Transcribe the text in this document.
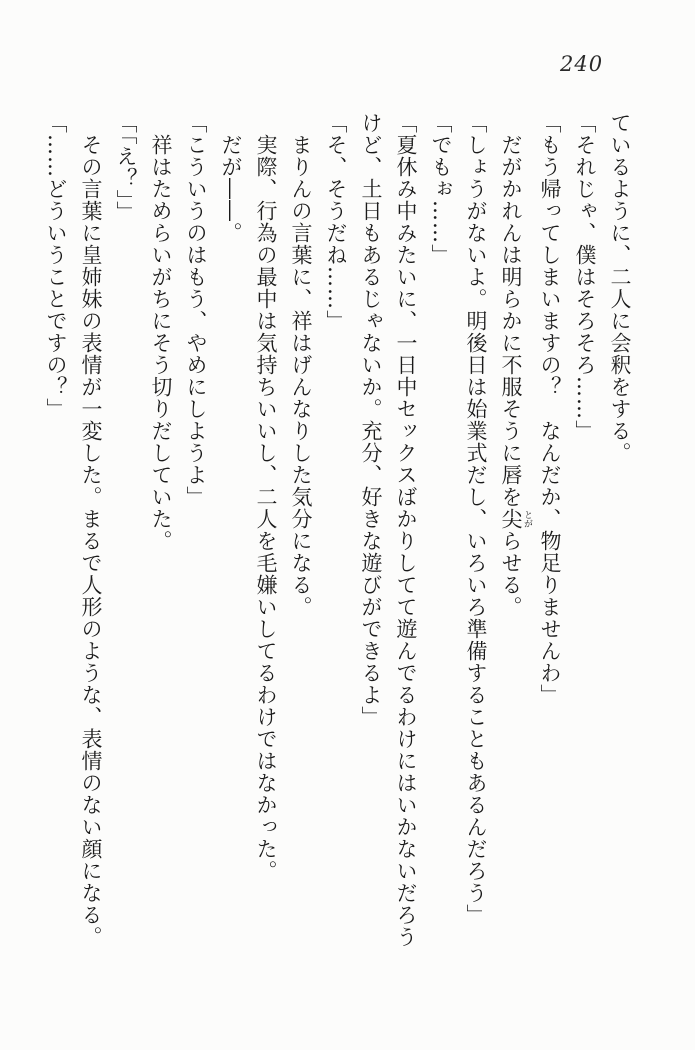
240

ているように、二人に会釈をする。

「それじゃ、僕はそろそろ……」

「もう帰ってしまいますの？　なんだか、物足りませんわ」

　だがかれんは明らかに不服そうに唇を尖 とがらせる。

「しょうがないよ。明後日は始業式だし、いろいろ準備することもあるんだろう」

「でもぉ……」

「夏休み中みたいに、一日中セックスばかりしてて遊んでるわけにはいかないだろうけど、土日もあるじゃないか。充分、好きな遊びができるよ」

「そ、そうだね……」

　まりんの言葉に、祥はげんなりした気分になる。

　実際、行為の最中は気持ちいいし、二人を毛嫌いしてるわけではなかった。

　だが――。

「こういうのはもう、やめにしようよ」

　祥はためらいがちにそう切りだしていた。

「「え？」」

　その言葉に皇姉妹の表情が一変した。まるで人形のような、表情のない顔になる。

「……どういうことですの？」
